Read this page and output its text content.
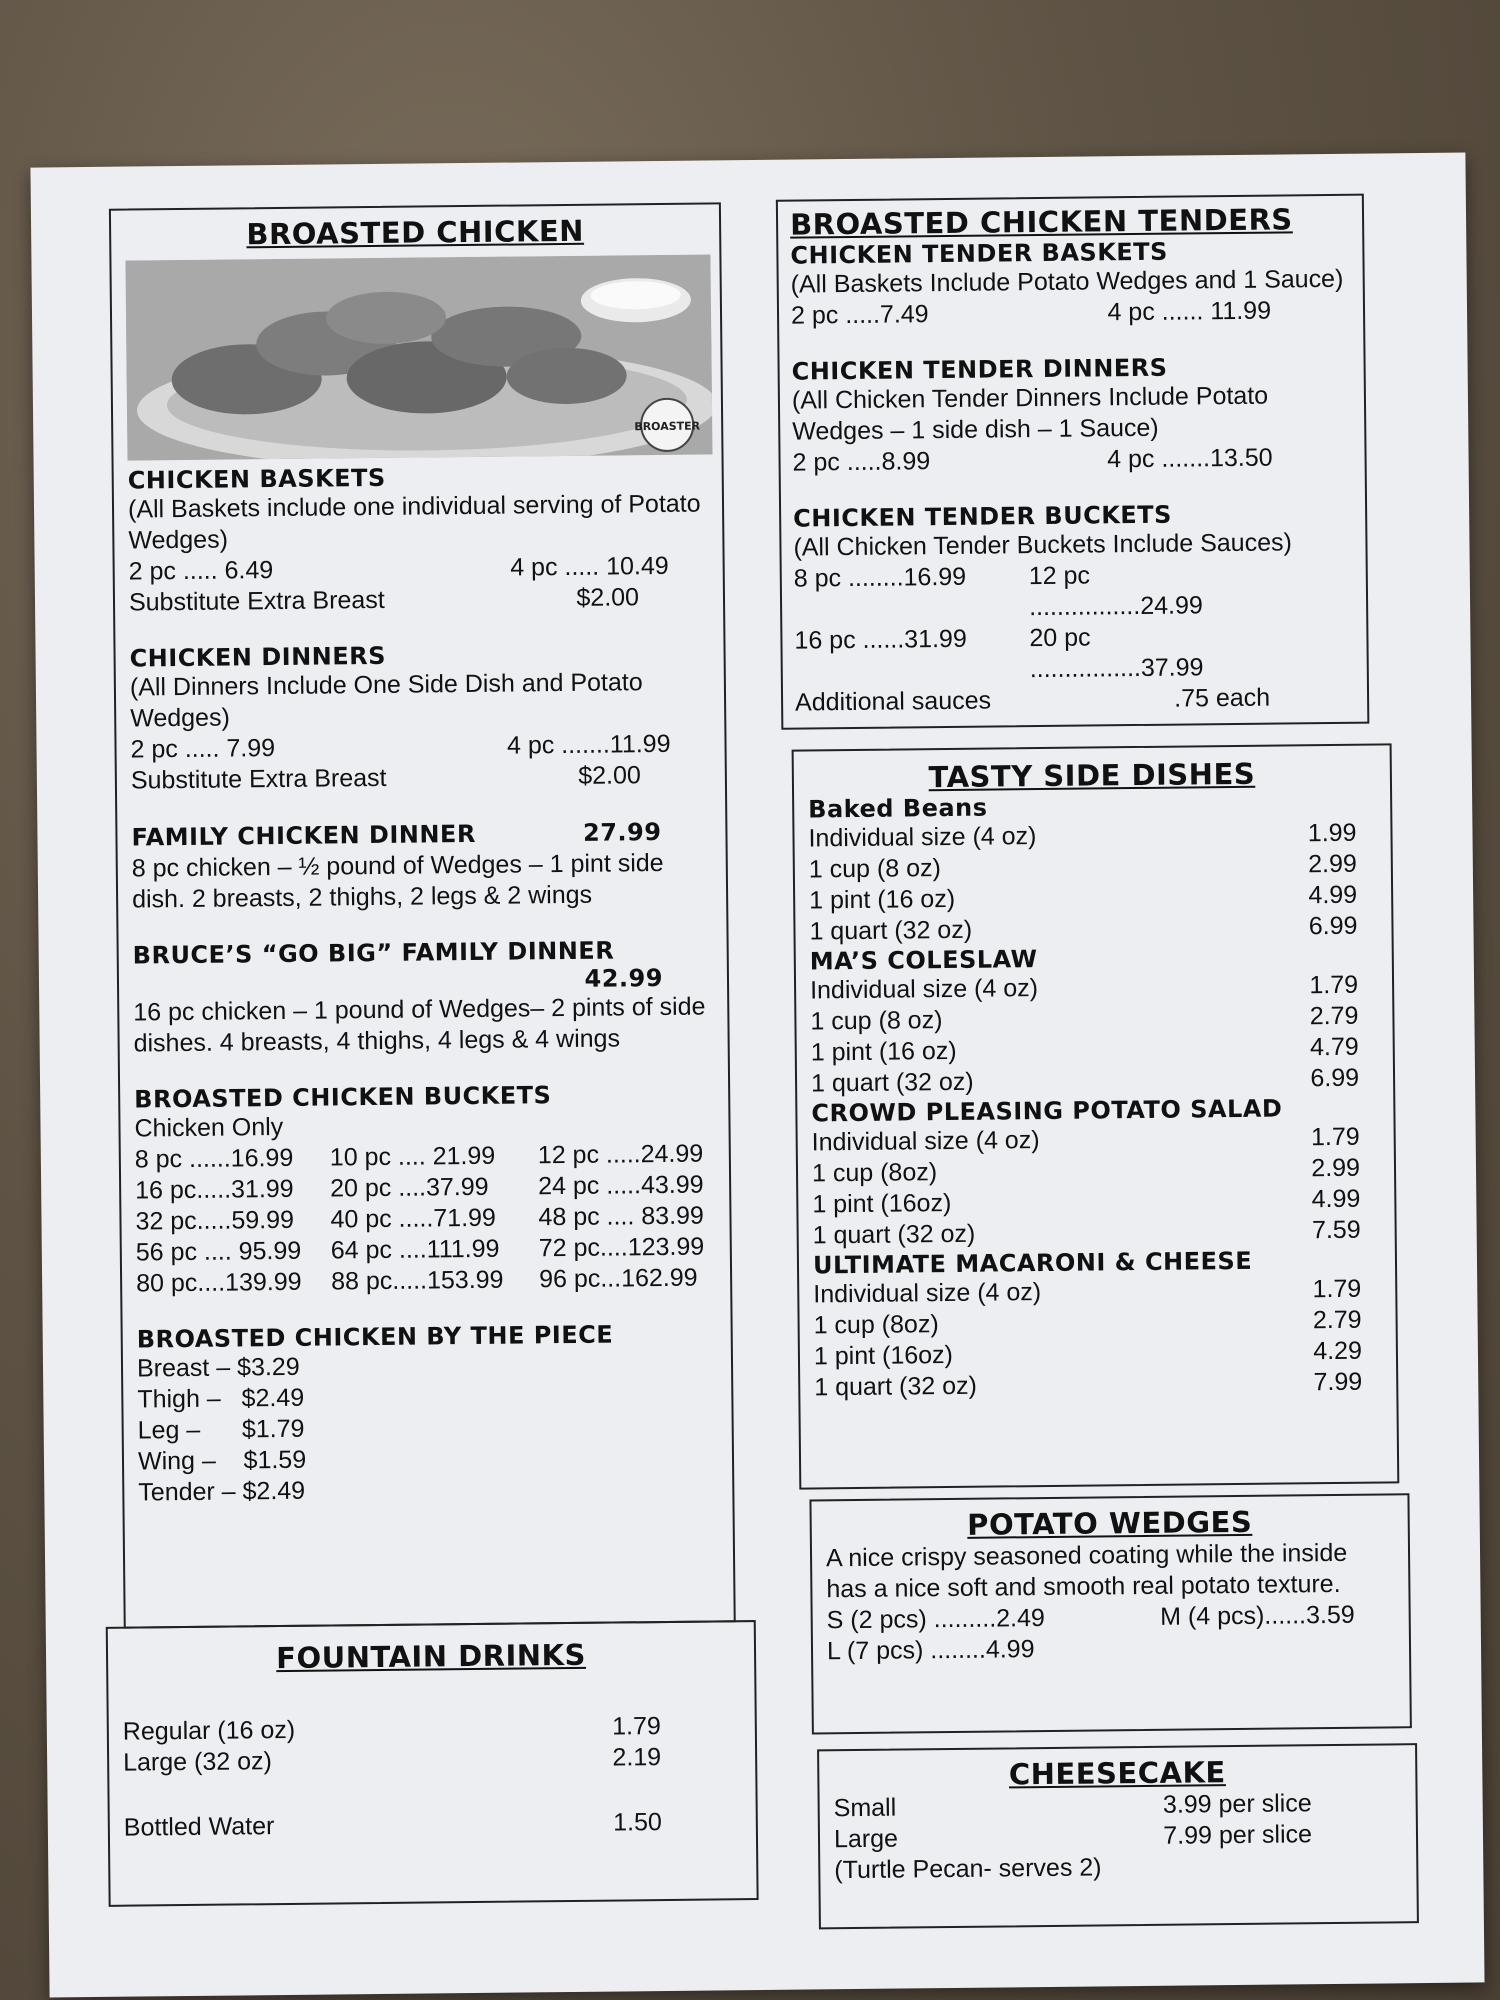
BROASTED CHICKEN
BROASTER
CHICKEN BASKETS
(All Baskets include one individual serving of Potato Wedges)
2 pc ..... 6.49	4 pc ..... 10.49
Substitute Extra Breast	$2.00
CHICKEN DINNERS
(All Dinners Include One Side Dish and Potato Wedges)
2 pc ..... 7.99	4 pc .......11.99
Substitute Extra Breast	$2.00
FAMILY CHICKEN DINNER	27.99
8 pc chicken – ½ pound of Wedges – 1 pint side dish. 2 breasts, 2 thighs, 2 legs & 2 wings
BRUCE’S “GO BIG” FAMILY DINNER
42.99
16 pc chicken – 1 pound of Wedges– 2 pints of side dishes. 4 breasts, 4 thighs, 4 legs & 4 wings
BROASTED CHICKEN BUCKETS
Chicken Only
8 pc ......16.99	10 pc .... 21.99	12 pc .....24.99
16 pc.....31.99	20 pc ....37.99	24 pc .....43.99
32 pc.....59.99	40 pc .....71.99	48 pc .... 83.99
56 pc .... 95.99	64 pc ....111.99	72 pc....123.99
80 pc....139.99	88 pc.....153.99	96 pc...162.99
BROASTED CHICKEN BY THE PIECE
Breast – $3.29
Thigh –   $2.49
Leg –      $1.79
Wing –    $1.59
Tender – $2.49
FOUNTAIN DRINKS
Regular (16 oz)	1.79
Large (32 oz)	2.19
Bottled Water	1.50
BROASTED CHICKEN TENDERS
CHICKEN TENDER BASKETS
(All Baskets Include Potato Wedges and 1 Sauce)
2 pc .....7.49	4 pc ...... 11.99
CHICKEN TENDER DINNERS
(All Chicken Tender Dinners Include Potato Wedges – 1 side dish – 1 Sauce)
2 pc .....8.99	4 pc .......13.50
CHICKEN TENDER BUCKETS
(All Chicken Tender Buckets Include Sauces)
8 pc ........16.99	12 pc ................24.99
16 pc ......31.99	20 pc ................37.99
Additional sauces	.75 each
TASTY SIDE DISHES
Baked Beans
Individual size (4 oz)	1.99
1 cup (8 oz)	2.99
1 pint (16 oz)	4.99
1 quart (32 oz)	6.99
MA’S COLESLAW
Individual size (4 oz)	1.79
1 cup (8 oz)	2.79
1 pint (16 oz)	4.79
1 quart (32 oz)	6.99
CROWD PLEASING POTATO SALAD
Individual size (4 oz)	1.79
1 cup (8oz)	2.99
1 pint (16oz)	4.99
1 quart (32 oz)	7.59
ULTIMATE MACARONI & CHEESE
Individual size (4 oz)	1.79
1 cup (8oz)	2.79
1 pint (16oz)	4.29
1 quart (32 oz)	7.99
POTATO WEDGES
A nice crispy seasoned coating while the inside has a nice soft and smooth real potato texture.
S (2 pcs) .........2.49	M (4 pcs)......3.59
L (7 pcs) ........4.99
CHEESECAKE
Small	3.99 per slice
Large	7.99 per slice
(Turtle Pecan- serves 2)
